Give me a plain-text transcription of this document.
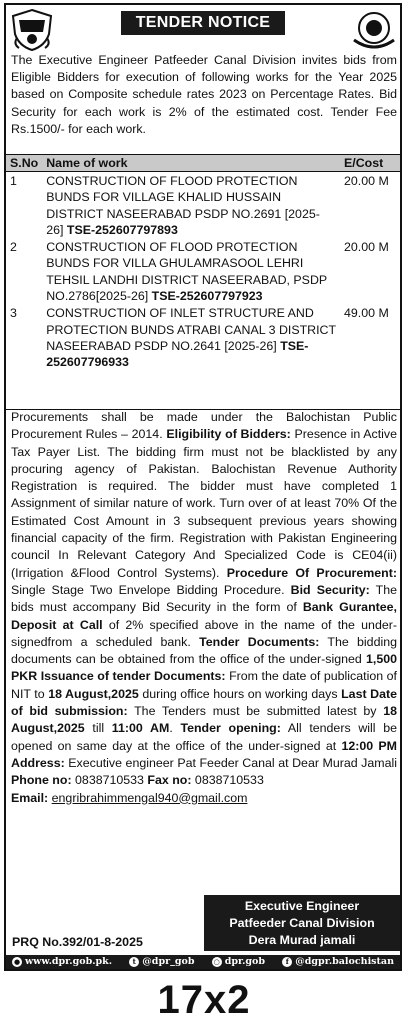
TENDER NOTICE
The Executive Engineer Patfeeder Canal Division invites bids from Eligible Bidders for execution of following works for the Year 2025 based on Composite schedule rates 2023 on Percentage Rates. Bid Security for each work is 2% of the estimated cost. Tender Fee Rs.1500/- for each work.
S.No	Name of work	E/Cost
1	CONSTRUCTION OF FLOOD PROTECTION BUNDS FOR VILLAGE KHALID HUSSAIN DISTRICT NASEERABAD PSDP NO.2691 [2025-26] TSE-252607797893	20.00 M
2	CONSTRUCTION OF FLOOD PROTECTION BUNDS FOR VILLA GHULAMRASOOL LEHRI TEHSIL LANDHI DISTRICT NASEERABAD, PSDP NO.2786[2025-26] TSE-252607797923	20.00 M
3	CONSTRUCTION OF INLET STRUCTURE AND PROTECTION BUNDS ATRABI CANAL 3 DISTRICT NASEERABAD PSDP NO.2641 [2025-26] TSE-252607796933	49.00 M
Procurements shall be made under the Balochistan Public Procurement Rules – 2014. Eligibility of Bidders: Presence in Active Tax Payer List. The bidding firm must not be blacklisted by any procuring agency of Pakistan. Balochistan Revenue Authority Registration is required. The bidder must have completed 1 Assignment of similar nature of work. Turn over of at least 70% Of the Estimated Cost Amount in 3 subsequent previous years showing financial capacity of the firm. Registration with Pakistan Engineering council In Relevant Category And Specialized Code is CE04(ii) (Irrigation &Flood Control Systems). Procedure Of Procurement: Single Stage Two Envelope Bidding Procedure. Bid Security: The bids must accompany Bid Security in the form of Bank Gurantee, Deposit at Call of 2% specified above in the name of the under-signedfrom a scheduled bank. Tender Documents: The bidding documents can be obtained from the office of the under-signed 1,500 PKR Issuance of tender Documents: From the date of publication of NIT to 18 August,2025 during office hours on working days Last Date of bid submission: The Tenders must be submitted latest by 18 August,2025 till 11:00 AM. Tender opening: All tenders will be opened on same day at the office of the under-signed at 12:00 PM Address: Executive engineer Pat Feeder Canal at Dear Murad Jamali Phone no: 0838710533 Fax no: 0838710533
Email: engribrahimmengal940@gmail.com
Executive Engineer
Patfeeder Canal Division
Dera Murad jamali
PRQ No.392/01-8-2025
● www.dpr.gob.pk.	t @dpr_gob	○ dpr.gob	f @dgpr.balochistan
17x2
